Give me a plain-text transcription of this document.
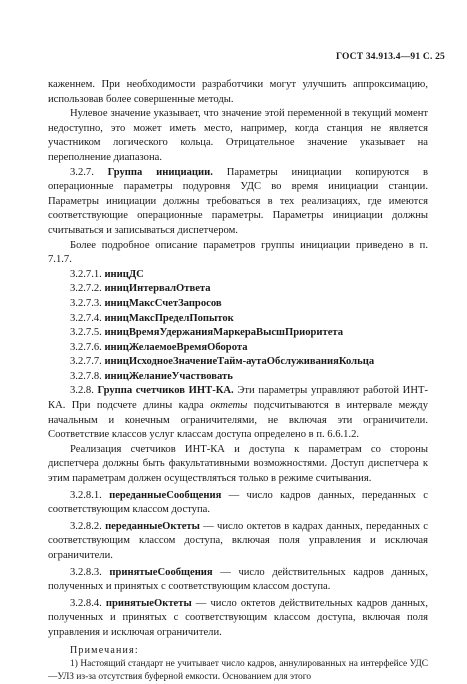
ГОСТ 34.913.4—91 С. 25

каженнем. При необходимости разработчики могут улучшить аппроксимацию, использовав более совершенные методы.

Нулевое значение указывает, что значение этой переменной в текущий момент недоступно, это может иметь место, например, когда станция не является участником логического кольца. Отрицательное значение указывает на переполнение диапазона.

3.2.7. Группа инициации. Параметры инициации копируются в операционные параметры подуровня УДС во время инициации станции. Параметры инициации должны требоваться в тех реализациях, где имеются соответствующие операционные параметры. Параметры инициации должны считываться и записываться диспетчером.

Более подробное описание параметров группы инициации приведено в п. 7.1.7.

3.2.7.1. иницДС

3.2.7.2. иницИнтервалОтвета

3.2.7.3. иницМаксСчетЗапросов

3.2.7.4. иницМаксПределПопыток

3.2.7.5. иницВремяУдержанияМаркераВысшПриоритета

3.2.7.6. иницЖелаемоеВремяОборота

3.2.7.7. иницИсходноеЗначениеТайм-аутаОбслуживанияКольца

3.2.7.8. иницЖеланиеУчаствовать

3.2.8. Группа счетчиков ИНТ-КА. Эти параметры управляют работой ИНТ-КА. При подсчете длины кадра октеты подсчитываются в интервале между начальным и конечным ограничителями, не включая эти ограничители. Соответствие классов услуг классам доступа определено в п. 6.6.1.2.

Реализация счетчиков ИНТ-КА и доступа к параметрам со стороны диспетчера должны быть факультативными возможностями. Доступ диспетчера к этим параметрам должен осуществляться только в режиме считывания.

3.2.8.1. переданныеСообщения — число кадров данных, переданных с соответствующим классом доступа.

3.2.8.2. переданныеОктеты — число октетов в кадрах данных, переданных с соответствующим классом доступа, включая поля управления и исключая ограничители.

3.2.8.3. принятыеСообщения — число действительных кадров данных, полученных и принятых с соответствующим классом доступа.

3.2.8.4. принятыеОктеты — число октетов действительных кадров данных, полученных и принятых с соответствующим классом доступа, включая поля управления и исключая ограничители.

Примечания:

1) Настоящий стандарт не учитывает число кадров, аннулированных на интерфейсе УДС—УЛЗ из-за отсутствия буферной емкости. Основанием для этого
